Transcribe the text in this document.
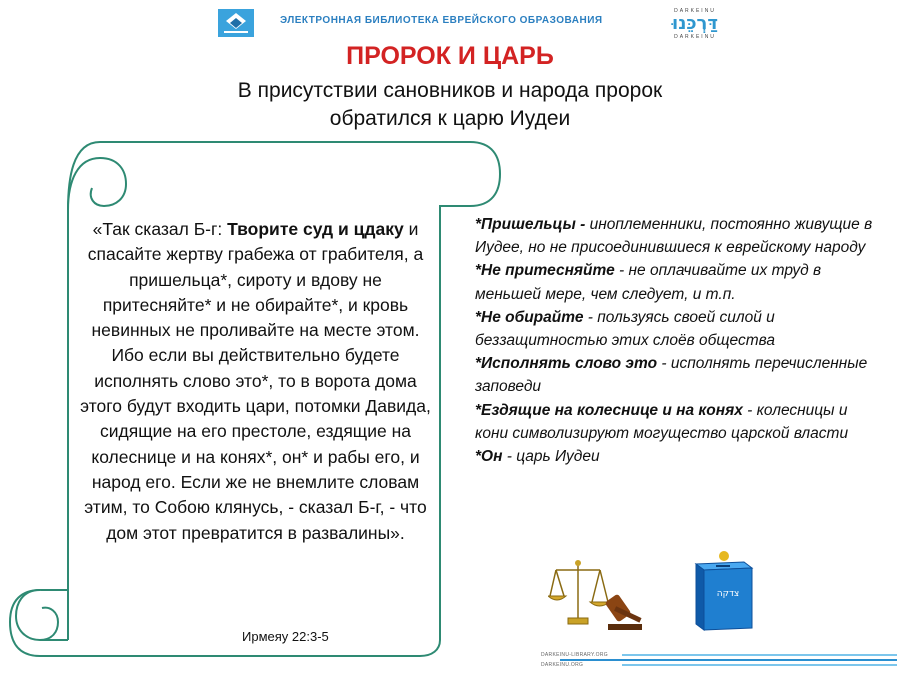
ЭЛЕКТРОННАЯ БИБЛИОТЕКА ЕВРЕЙСКОГО ОБРАЗОВАНИЯ
DARKEINU
דַּרְכֵּנוּ
DARKEINU
ПРОРОК И ЦАРЬ
В присутствии сановников и народа пророк
обратился к царю Иудеи
«Так сказал Б-г: Творите суд и цдаку и спасайте жертву грабежа от грабителя, а пришельца*, сироту и вдову не притесняйте* и не обирайте*, и кровь невинных не проливайте на месте этом. Ибо если вы действительно будете исполнять слово это*, то в ворота дома этого будут входить цари, потомки Давида, сидящие на его престоле, ездящие на колеснице и на конях*, он* и рабы его, и народ его. Если же не внемлите словам этим, то Собою клянусь, - сказал Б-г, - что дом этот превратится в развалины».
Ирмеяу 22:3-5
*Пришельцы - иноплеменники, постоянно живущие в Иудее, но не присоединившиеся к еврейскому народу
*Не притесняйте - не оплачивайте их труд в меньшей мере, чем следует, и т.п.
*Не обирайте - пользуясь своей силой и беззащитностью этих слоёв общества
*Исполнять слово это - исполнять перечисленные заповеди
*Ездящие на колеснице и на конях - колесницы и кони символизируют могущество царской власти
*Он - царь Иудеи
צדקה
DARKEINU-LIBRARY.ORG
DARKEINU.ORG
